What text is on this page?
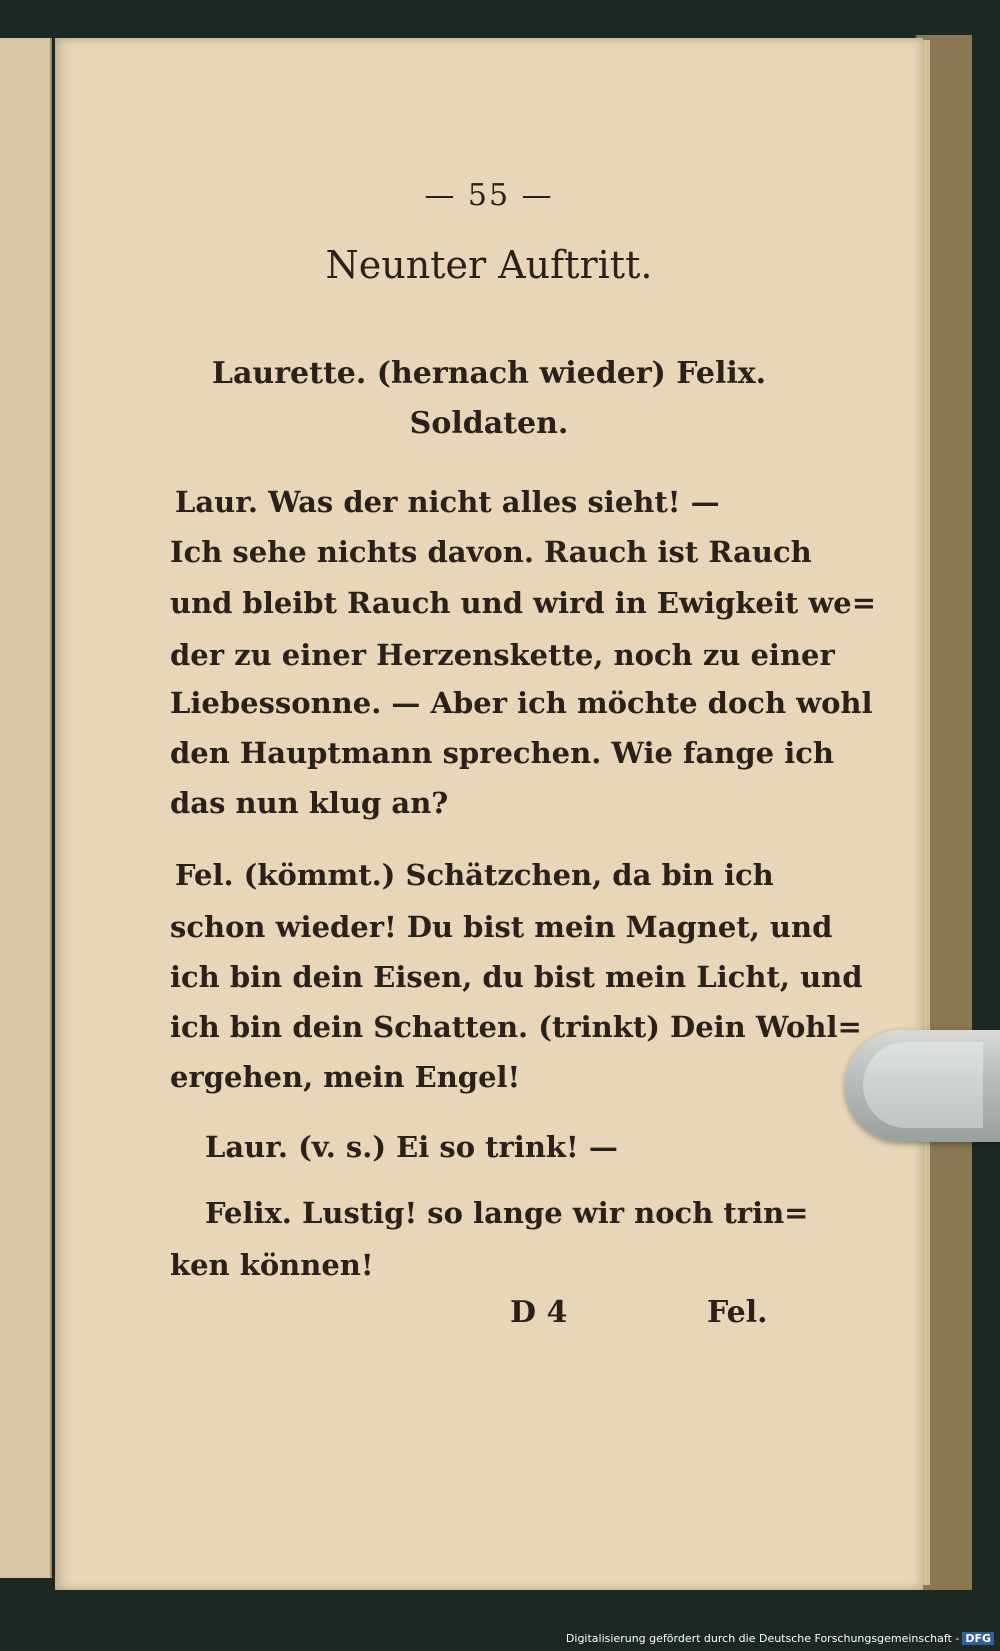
— 55 —
Neunter Auftritt.
Laurette. (hernach wieder) Felix.
Soldaten.
Laur. Was der nicht alles sieht! —
Ich sehe nichts davon. Rauch ist Rauch
und bleibt Rauch und wird in Ewigkeit we=
der zu einer Herzenskette, noch zu einer
Liebessonne. — Aber ich möchte doch wohl
den Hauptmann sprechen. Wie fange ich
das nun klug an?
Fel. (kömmt.) Schätzchen, da bin ich
schon wieder! Du bist mein Magnet, und
ich bin dein Eisen, du bist mein Licht, und
ich bin dein Schatten. (trinkt) Dein Wohl=
ergehen, mein Engel!
Laur. (v. s.) Ei so trink! —
Felix. Lustig! so lange wir noch trin=
ken können!
D 4	Fel.
Digitalisierung gefördert durch die Deutsche Forschungsgemeinschaft - DFG
